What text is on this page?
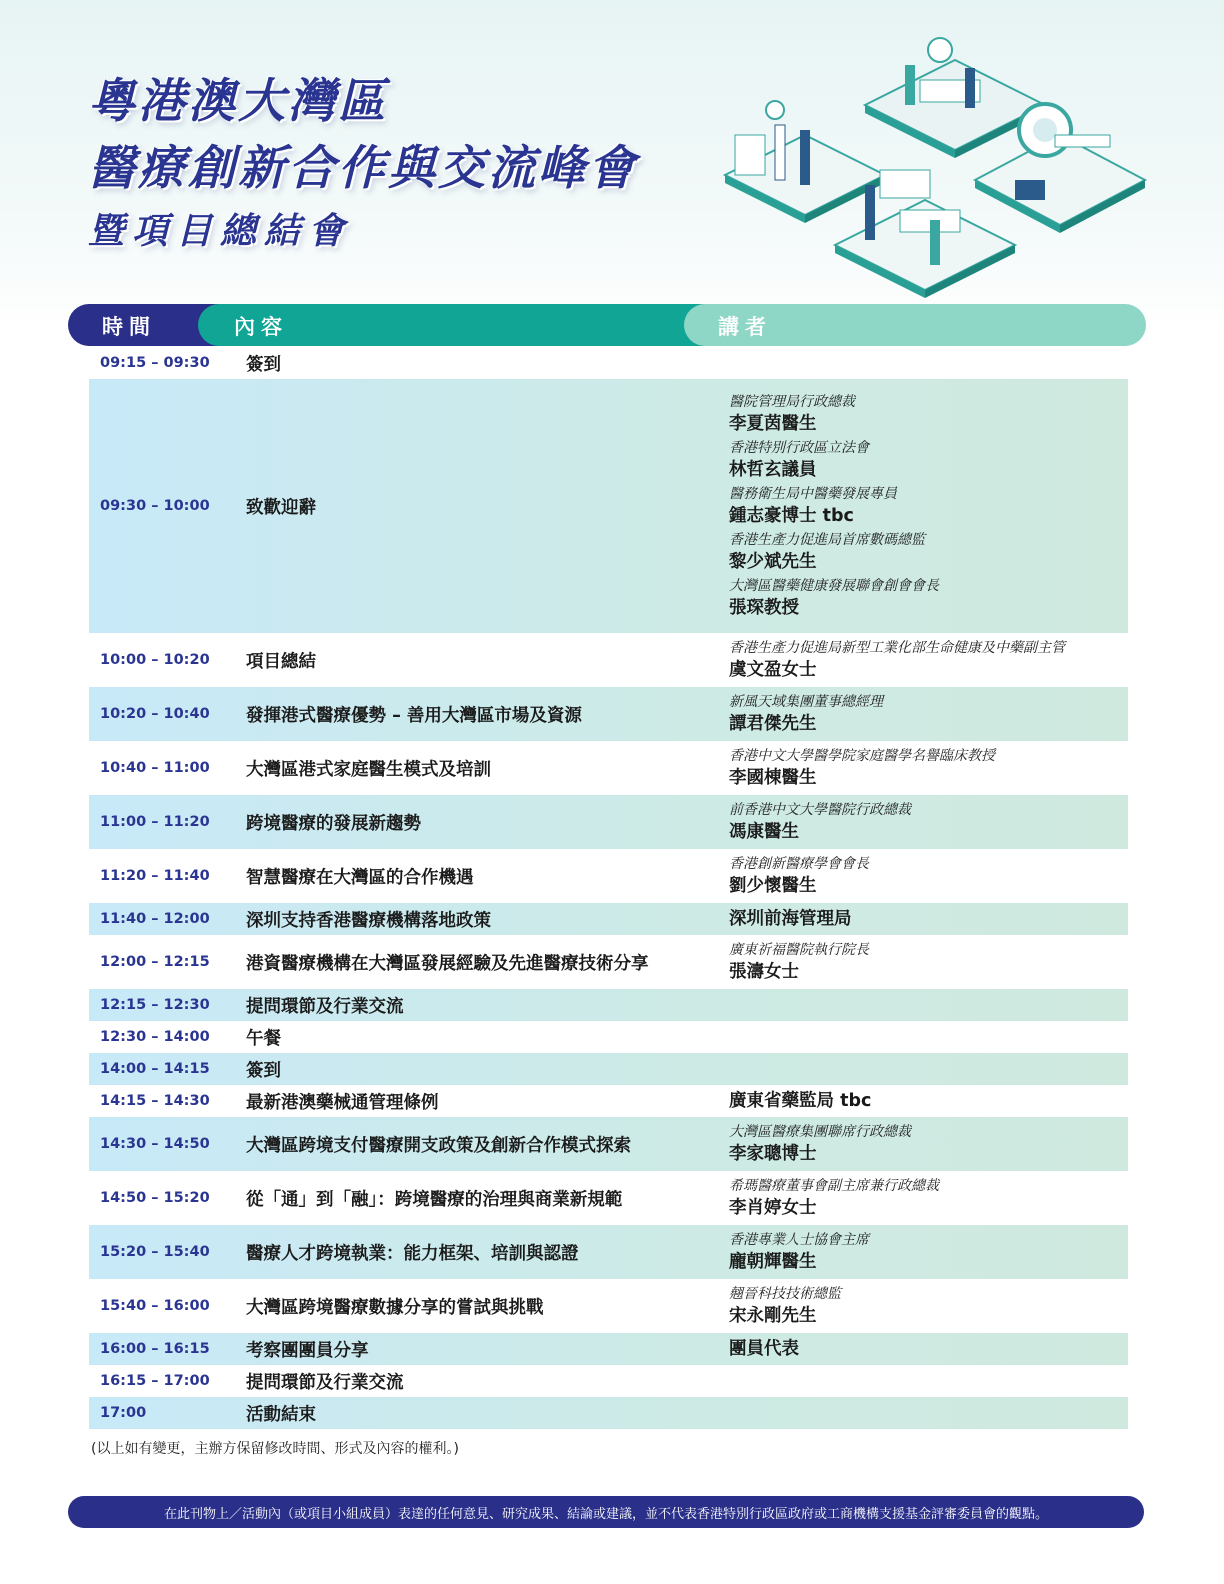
粵港澳大灣區
醫療創新合作與交流峰會
暨項目總結會
時間	內容	講者
09:15 – 09:30	簽到
09:30 – 10:00	致歡迎辭
醫院管理局行政總裁
李夏茵醫生
香港特別行政區立法會
林哲玄議員
醫務衛生局中醫藥發展專員
鍾志豪博士 tbc
香港生產力促進局首席數碼總監
黎少斌先生
大灣區醫藥健康發展聯會創會會長
張琛教授
10:00 – 10:20	項目總結
香港生產力促進局新型工業化部生命健康及中藥副主管
虞文盈女士
10:20 – 10:40	發揮港式醫療優勢 – 善用大灣區市場及資源
新風天域集團董事總經理
譚君傑先生
10:40 – 11:00	大灣區港式家庭醫生模式及培訓
香港中文大學醫學院家庭醫學名譽臨床教授
李國棟醫生
11:00 – 11:20	跨境醫療的發展新趨勢
前香港中文大學醫院行政總裁
馮康醫生
11:20 – 11:40	智慧醫療在大灣區的合作機遇
香港創新醫療學會會長
劉少懷醫生
11:40 – 12:00	深圳支持香港醫療機構落地政策	深圳前海管理局
12:00 – 12:15	港資醫療機構在大灣區發展經驗及先進醫療技術分享
廣東祈福醫院執行院長
張濤女士
12:15 – 12:30	提問環節及行業交流
12:30 – 14:00	午餐
14:00 – 14:15	簽到
14:15 – 14:30	最新港澳藥械通管理條例	廣東省藥監局 tbc
14:30 – 14:50	大灣區跨境支付醫療開支政策及創新合作模式探索
大灣區醫療集團聯席行政總裁
李家聰博士
14:50 – 15:20	從「通」到「融」：跨境醫療的治理與商業新規範
希瑪醫療董事會副主席兼行政總裁
李肖婷女士
15:20 – 15:40	醫療人才跨境執業：能力框架、培訓與認證
香港專業人士協會主席
龐朝輝醫生
15:40 – 16:00	大灣區跨境醫療數據分享的嘗試與挑戰
翹晉科技技術總監
宋永剛先生
16:00 – 16:15	考察團團員分享	團員代表
16:15 – 17:00	提問環節及行業交流
17:00	活動結束
(以上如有變更，主辦方保留修改時間、形式及內容的權利。)
在此刊物上／活動內（或項目小組成員）表達的任何意見、研究成果、結論或建議，並不代表香港特別行政區政府或工商機構支援基金評審委員會的觀點。
